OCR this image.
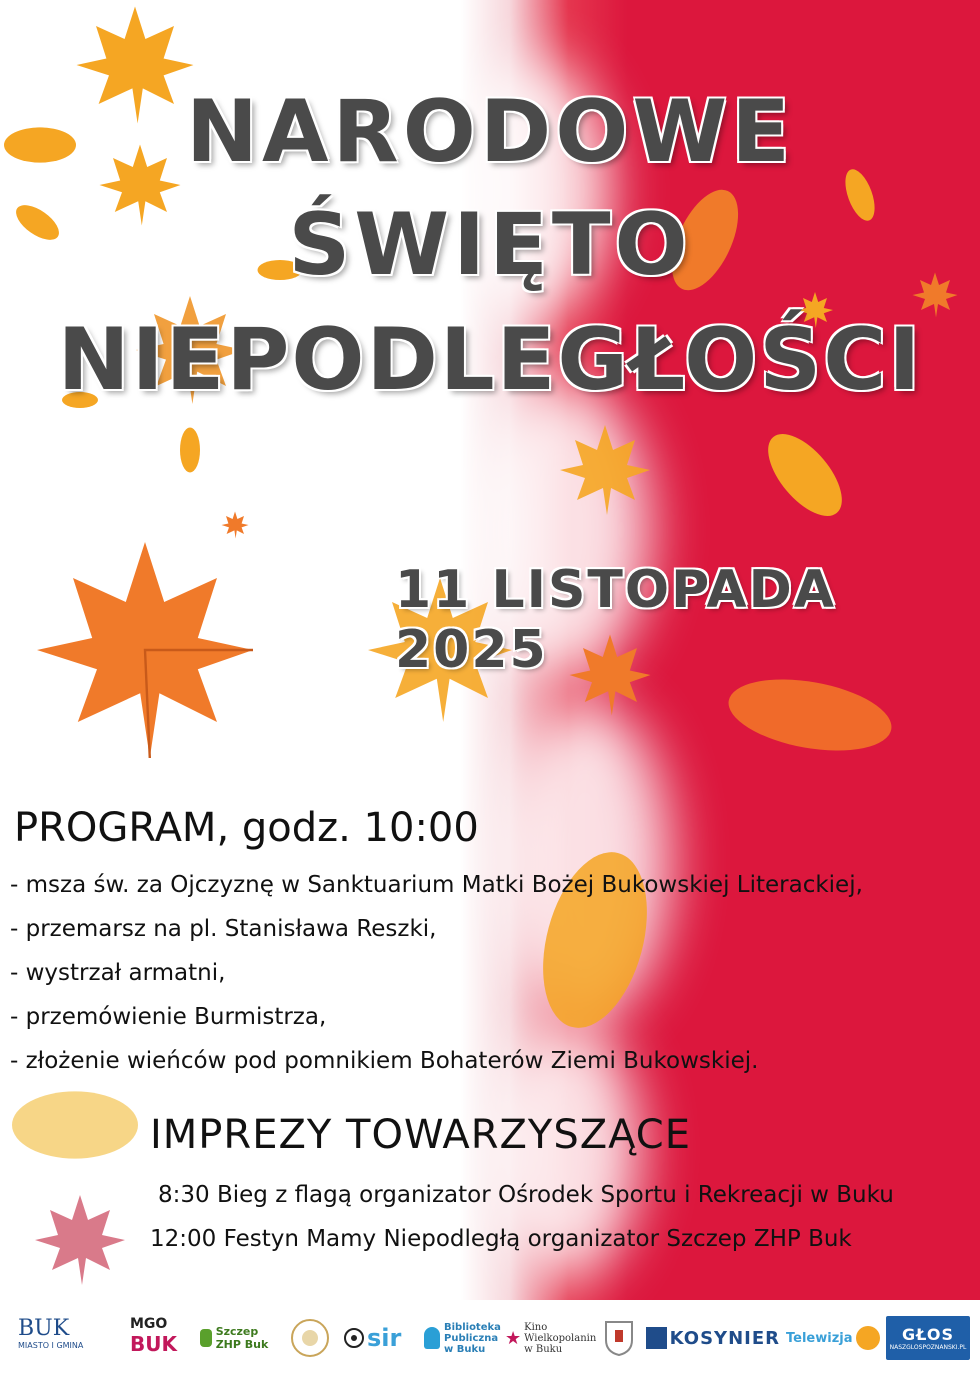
NARODOWE
ŚWIĘTO
NIEPODLEGŁOŚCI
11 LISTOPADA 2025
PROGRAM, godz. 10:00
- msza św. za Ojczyznę w Sanktuarium Matki Bożej Bukowskiej Literackiej,
- przemarsz na pl. Stanisława Reszki,
- wystrzał armatni,
- przemówienie Burmistrza,
- złożenie wieńców pod pomnikiem Bohaterów Ziemi Bukowskiej.
IMPREZY TOWARZYSZĄCE
8:30 Bieg z flagą organizator Ośrodek Sportu i Rekreacji w Buku
12:00 Festyn Mamy Niepodległą organizator Szczep ZHP Buk
BUK
MIASTO I GMINA
MGO
BUK
Szczep ZHP Buk	sir	Biblioteka Publiczna w Buku
★
Kino Wielkopolanin w Buku
KOSYNIER Telewizja	GŁOS
NASZGLOSPOZNANSKI.PL
